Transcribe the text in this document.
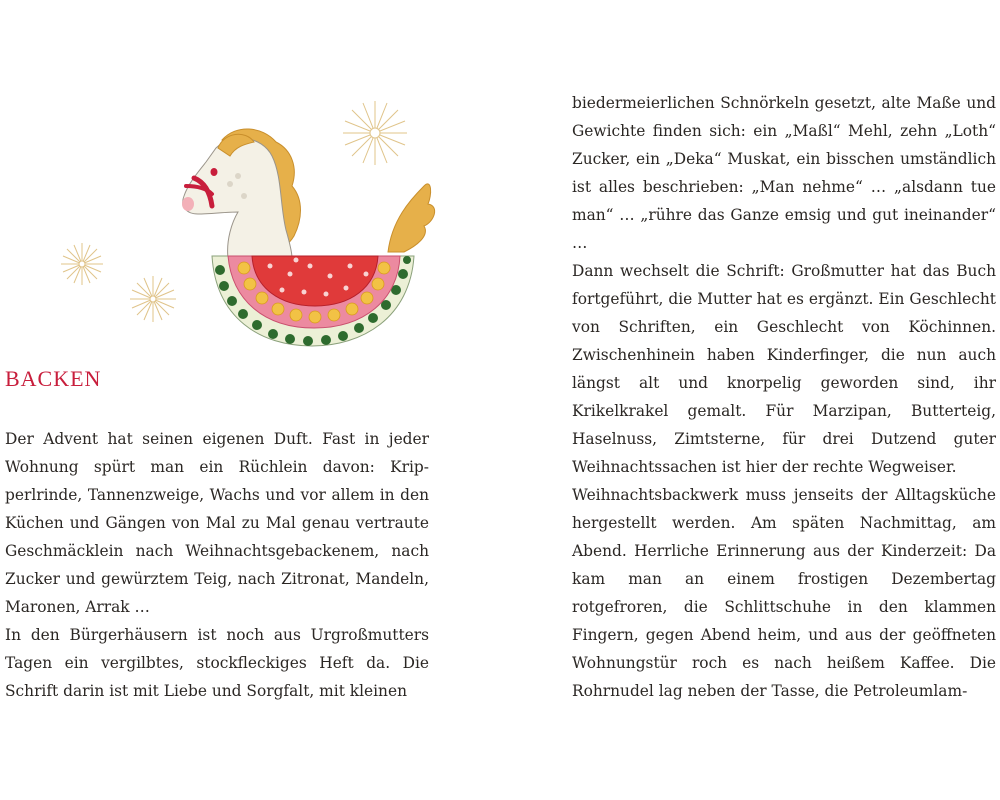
BACKEN

Der Advent hat seinen eigenen Duft. Fast in jeder Wohnung spürt man ein Rüchlein davon: Kripperlrinde, Tannenzweige, Wachs und vor allem in den Küchen und Gängen von Mal zu Mal genau vertraute Geschmäcklein nach Weihnachtsgebackenem, nach Zucker und gewürztem Teig, nach Zitronat, Mandeln, Maronen, Arrak …

In den Bürgerhäusern ist noch aus Urgroßmutters Tagen ein vergilbtes, stockfleckiges Heft da. Die Schrift darin ist mit Liebe und Sorgfalt, mit kleinen

biedermeierlichen Schnörkeln gesetzt, alte Maße und Gewichte finden sich: ein „Maßl“ Mehl, zehn „Loth“ Zucker, ein „Deka“ Muskat, ein bisschen umständlich ist alles beschrieben: „Man nehme“ … „alsdann tue man“ … „rühre das Ganze emsig und gut ineinander“ …

Dann wechselt die Schrift: Großmutter hat das Buch fortgeführt, die Mutter hat es ergänzt. Ein Geschlecht von Schriften, ein Geschlecht von Köchinnen. Zwischenhinein haben Kinderfinger, die nun auch längst alt und knorpelig geworden sind, ihr Krikelkrakel gemalt. Für Marzipan, Butterteig, Haselnuss, Zimtsterne, für drei Dutzend guter Weihnachtssachen ist hier der rechte Wegweiser.

Weihnachtsbackwerk muss jenseits der Alltagsküche hergestellt werden. Am späten Nachmittag, am Abend. Herrliche Erinnerung aus der Kinderzeit: Da kam man an einem frostigen Dezembertag rotgefroren, die Schlittschuhe in den klammen Fingern, gegen Abend heim, und aus der geöffneten Wohnungstür roch es nach heißem Kaffee. Die Rohrnudel lag neben der Tasse, die Petroleumlam-
